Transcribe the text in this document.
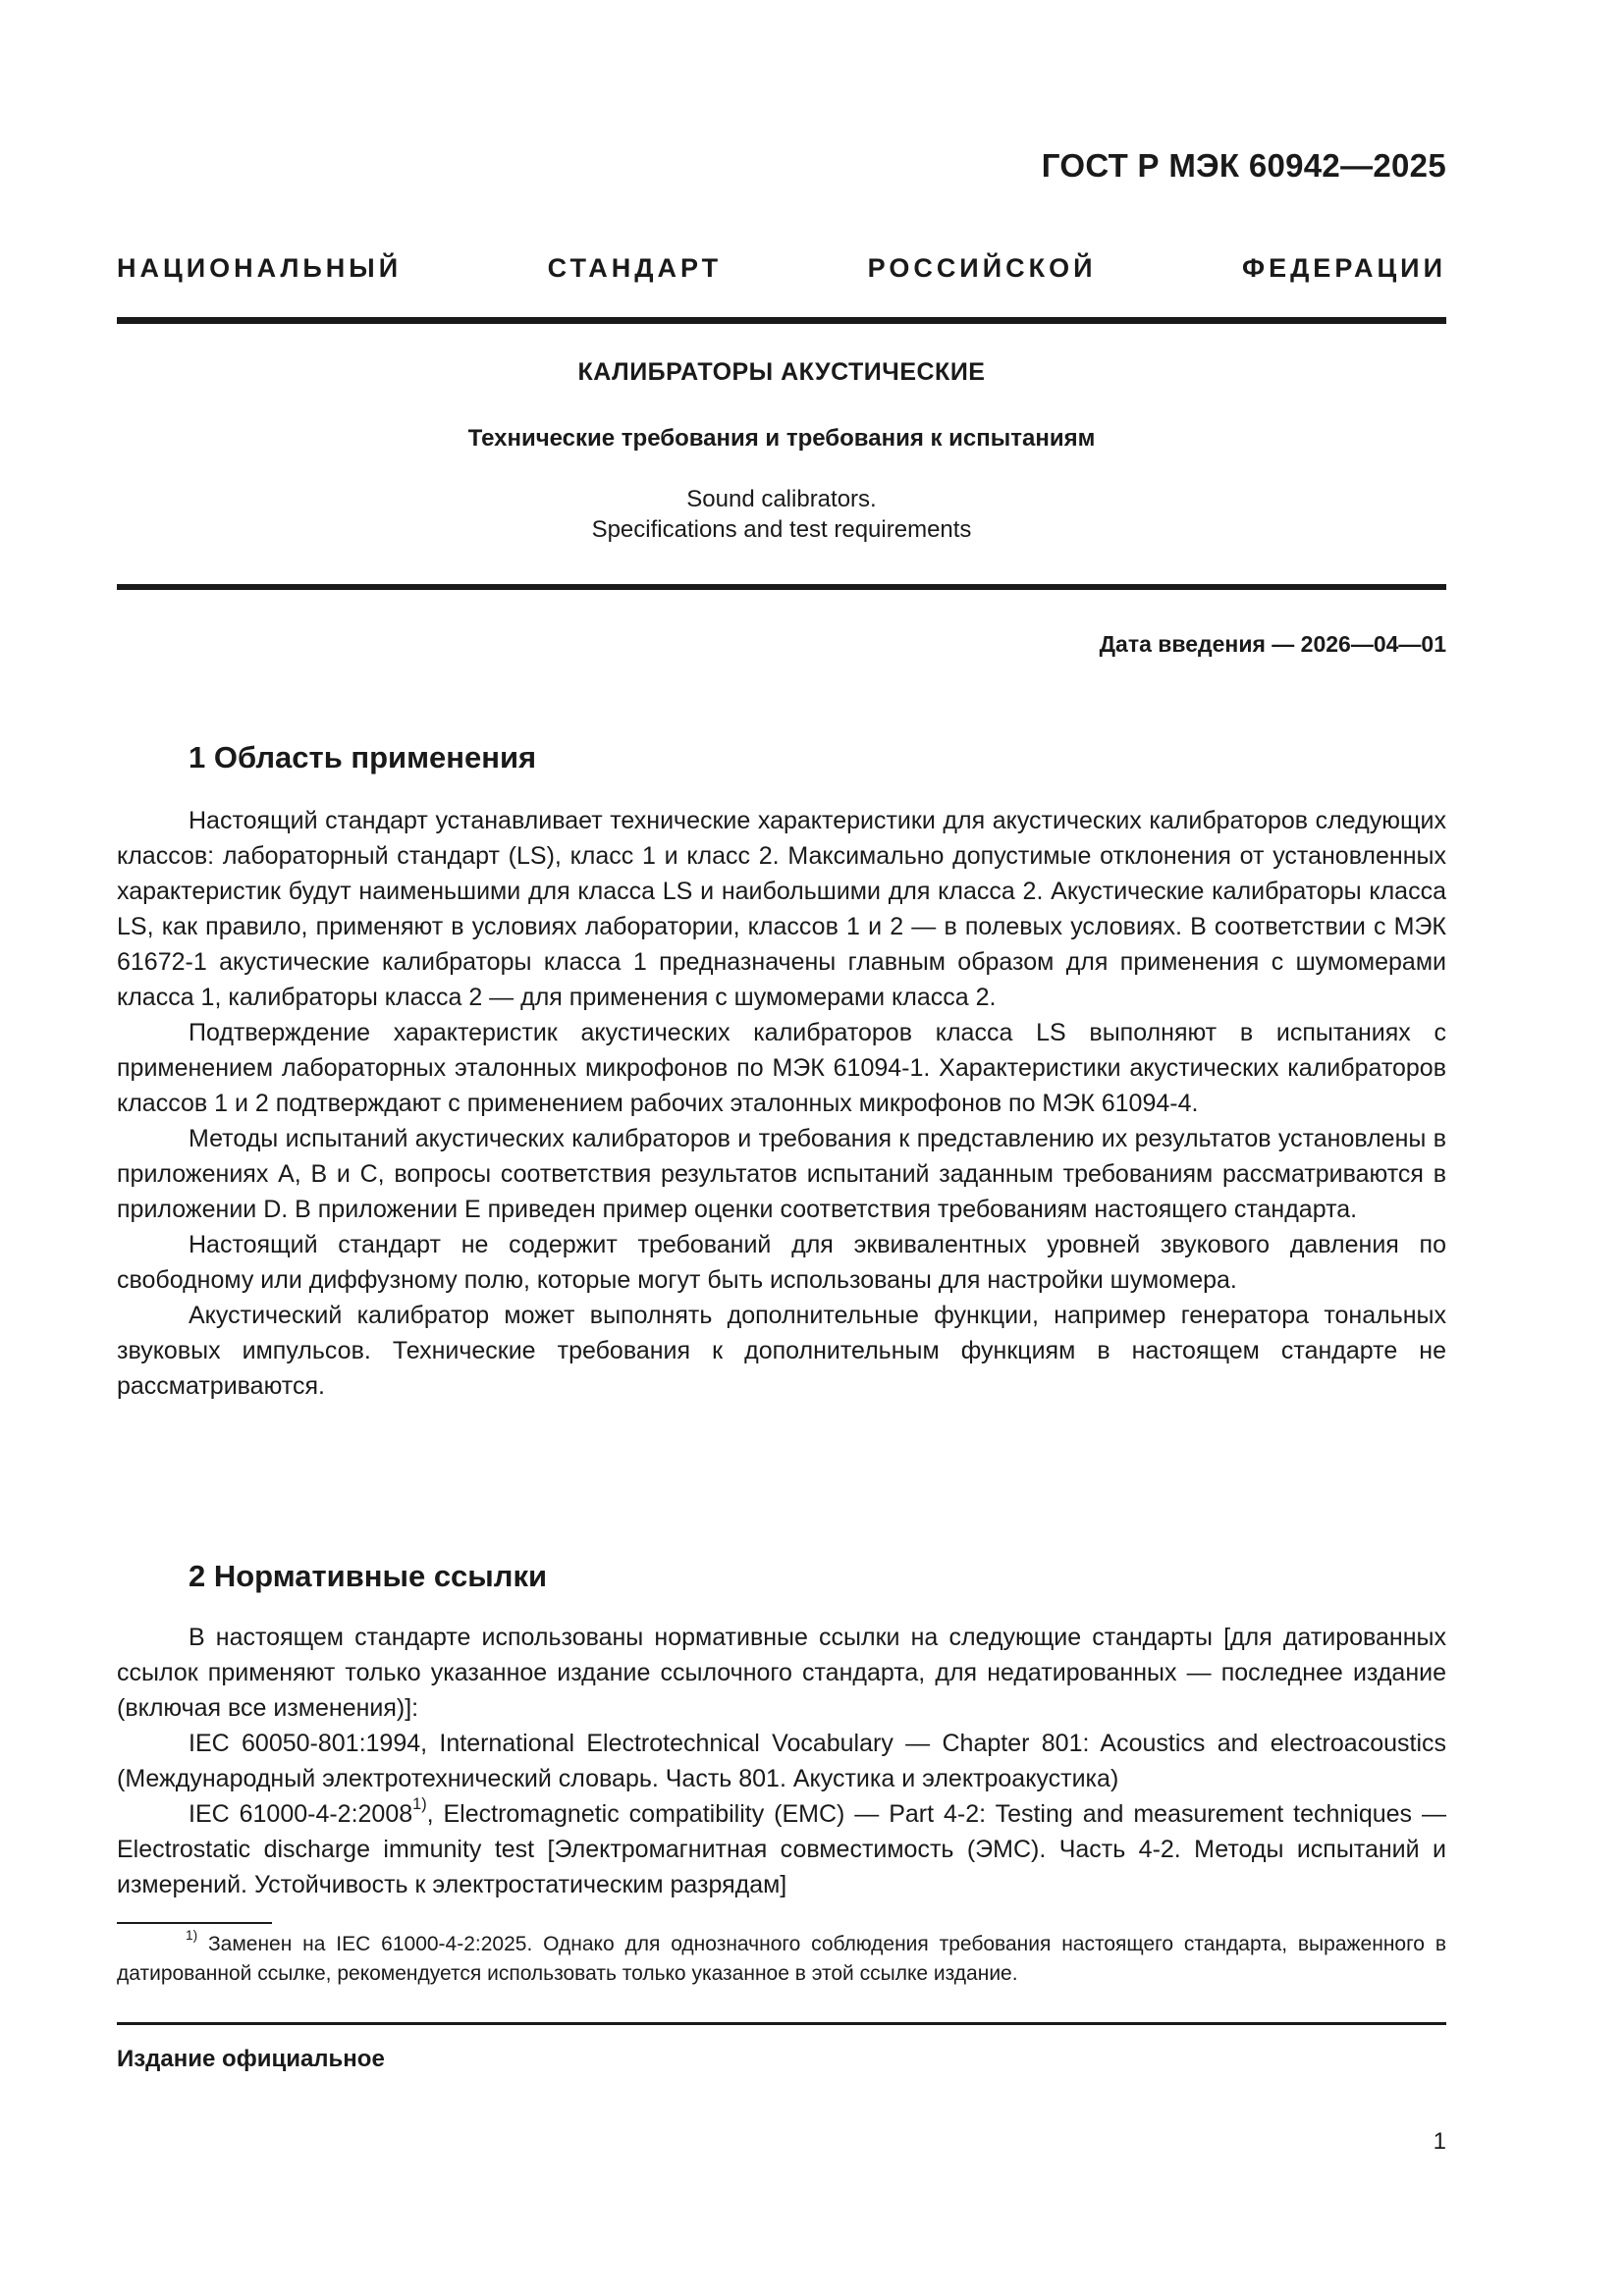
ГОСТ Р МЭК 60942—2025
НАЦИОНАЛЬНЫЙ СТАНДАРТ РОССИЙСКОЙ ФЕДЕРАЦИИ
КАЛИБРАТОРЫ АКУСТИЧЕСКИЕ
Технические требования и требования к испытаниям
Sound calibrators.
Specifications and test requirements
Дата введения — 2026—04—01
1 Область применения

Настоящий стандарт устанавливает технические характеристики для акустических калибраторов следующих классов: лабораторный стандарт (LS), класс 1 и класс 2. Максимально допустимые отклонения от установленных характеристик будут наименьшими для класса LS и наибольшими для класса 2. Акустические калибраторы класса LS, как правило, применяют в условиях лаборатории, классов 1 и 2 — в полевых условиях. В соответствии с МЭК 61672-1 акустические калибраторы класса 1 предназначены главным образом для применения с шумомерами класса 1, калибраторы класса 2 — для применения с шумомерами класса 2.

Подтверждение характеристик акустических калибраторов класса LS выполняют в испытаниях с применением лабораторных эталонных микрофонов по МЭК 61094-1. Характеристики акустических калибраторов классов 1 и 2 подтверждают с применением рабочих эталонных микрофонов по МЭК 61094-4.

Методы испытаний акустических калибраторов и требования к представлению их результатов установлены в приложениях А, В и С, вопросы соответствия результатов испытаний заданным требованиям рассматриваются в приложении D. В приложении Е приведен пример оценки соответствия требованиям настоящего стандарта.

Настоящий стандарт не содержит требований для эквивалентных уровней звукового давления по свободному или диффузному полю, которые могут быть использованы для настройки шумомера.

Акустический калибратор может выполнять дополнительные функции, например генератора тональных звуковых импульсов. Технические требования к дополнительным функциям в настоящем стандарте не рассматриваются.

2 Нормативные ссылки

В настоящем стандарте использованы нормативные ссылки на следующие стандарты [для датированных ссылок применяют только указанное издание ссылочного стандарта, для недатированных — последнее издание (включая все изменения)]:

IEC 60050-801:1994, International Electrotechnical Vocabulary — Chapter 801: Acoustics and electroacoustics (Международный электротехнический словарь. Часть 801. Акустика и электроакустика)

IEC 61000-4-2:2008$^{1)}$, Electromagnetic compatibility (EMC) — Part 4-2: Testing and measurement techniques — Electrostatic discharge immunity test [Электромагнитная совместимость (ЭМС). Часть 4-2. Методы испытаний и измерений. Устойчивость к электростатическим разрядам]

$^{1)}$ Заменен на IEC 61000-4-2:2025. Однако для однозначного соблюдения требования настоящего стандарта, выраженного в датированной ссылке, рекомендуется использовать только указанное в этой ссылке издание.

Издание официальное
1
